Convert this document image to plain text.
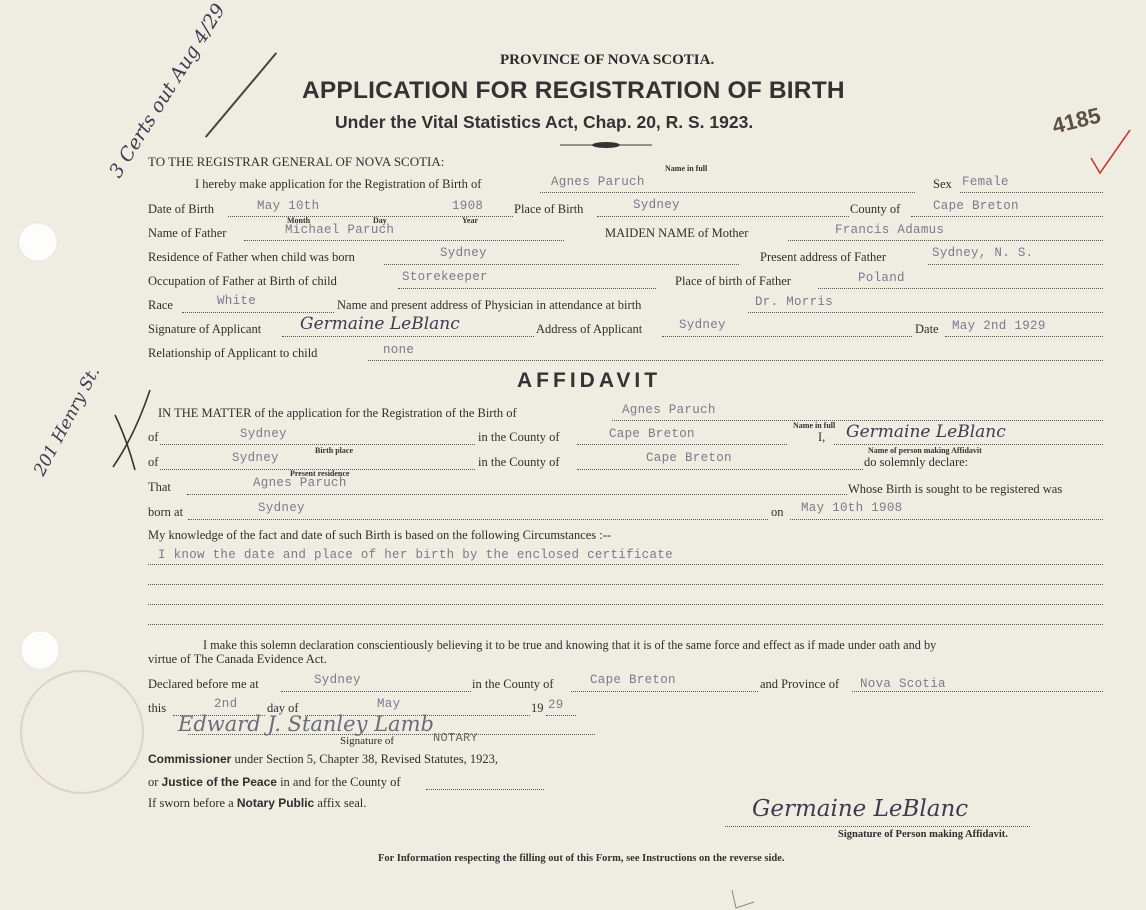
3 Certs out Aug 4/29
201 Henry St.
4185
PROVINCE OF NOVA SCOTIA.
APPLICATION FOR REGISTRATION OF BIRTH
Under the Vital Statistics Act, Chap. 20, R. S. 1923.
TO THE REGISTRAR GENERAL OF NOVA SCOTIA:
I hereby make application for the Registration of Birth of	Agnes Paruch
Name in full
Sex Female
Date of Birth	May 10th	1908
Month	Day	Year
Place of Birth	Sydney	County of	Cape Breton
Name of Father	Michael Paruch	MAIDEN NAME of Mother	Francis Adamus
Residence of Father when child was born	Sydney	Present address of Father	Sydney, N. S.
Occupation of Father at Birth of child	Storekeeper	Place of birth of Father	Poland
Race	White	Name and present address of Physician in attendance at birth	Dr. Morris
Signature of Applicant Germaine LeBlanc	Address of Applicant	Sydney	Date May 2nd 1929
Relationship of Applicant to child	none
AFFIDAVIT
IN THE MATTER of the application for the Registration of the Birth of	Agnes Paruch
Name in full
of	Sydney
Birth place
in the County of	Cape Breton	I, Germaine LeBlanc
Name of person making Affidavit
of	Sydney
Present residence
in the County of	Cape Breton	do solemnly declare:
That	Agnes Paruch	Whose Birth is sought to be registered was
born at	Sydney	on May 10th 1908
My knowledge of the fact and date of such Birth is based on the following Circumstances :--
I know the date and place of her birth by the enclosed certificate
I make this solemn declaration conscientiously believing it to be true and knowing that it is of the same force and effect as if made under oath and by
virtue of The Canada Evidence Act.
Declared before me at	Sydney	in the County of	Cape Breton	and Province of Nova Scotia
this	2nd day of	May	19 29
Edward J. Stanley Lamb
Signature of	NOTARY
Commissioner under Section 5, Chapter 38, Revised Statutes, 1923,
or Justice of the Peace in and for the County of
If sworn before a Notary Public affix seal.	Germaine LeBlanc
Signature of Person making Affidavit.
For Information respecting the filling out of this Form, see Instructions on the reverse side.
